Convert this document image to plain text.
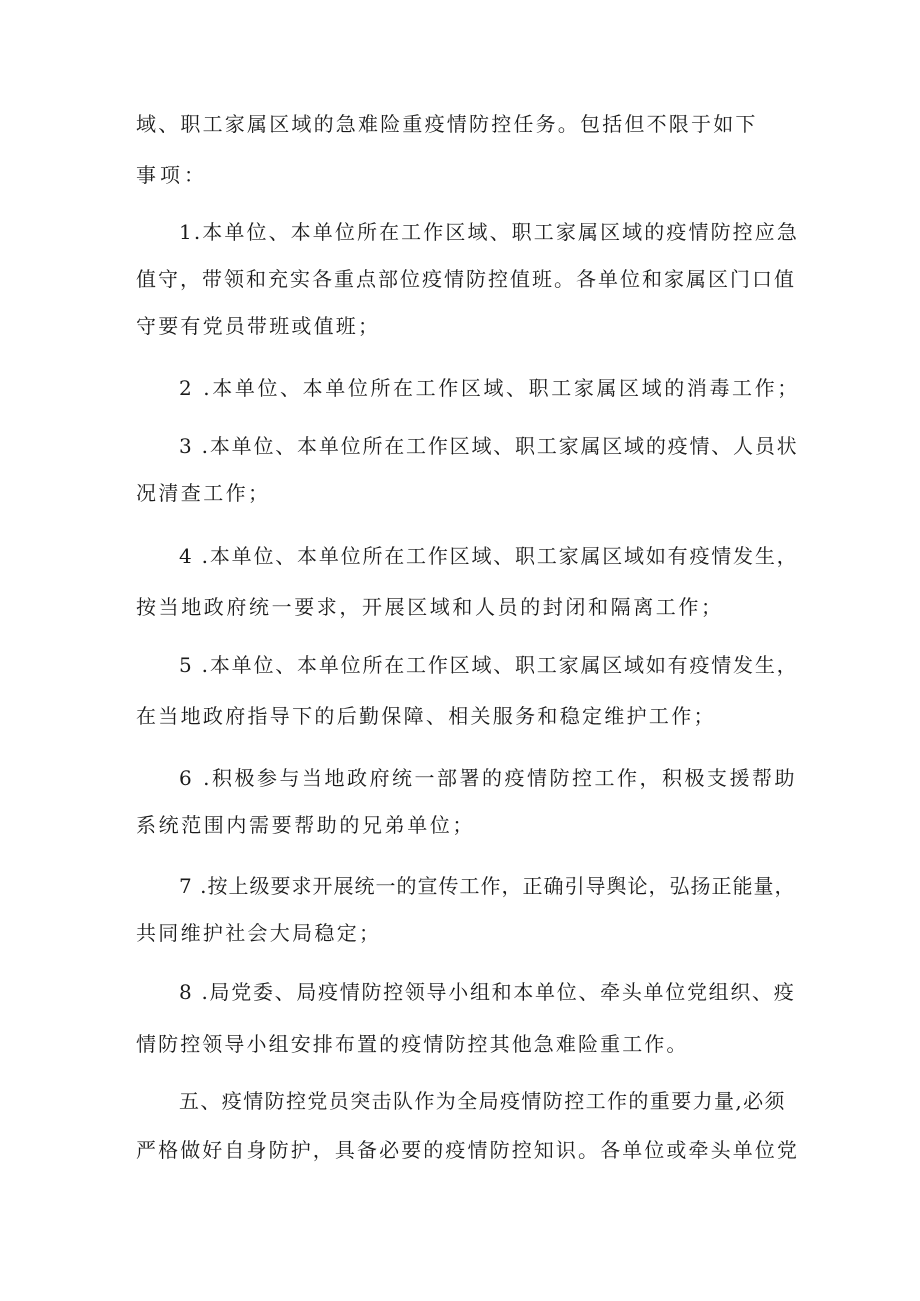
域、职工家属区域的急难险重疫情防控任务。包括但不限于如下
事项：
1.本单位、本单位所在工作区域、职工家属区域的疫情防控应急
值守，带领和充实各重点部位疫情防控值班。各单位和家属区门口值
守要有党员带班或值班；
2 .本单位、本单位所在工作区域、职工家属区域的消毒工作；
3 .本单位、本单位所在工作区域、职工家属区域的疫情、人员状
况清查工作；
4 .本单位、本单位所在工作区域、职工家属区域如有疫情发生，
按当地政府统一要求，开展区域和人员的封闭和隔离工作；
5 .本单位、本单位所在工作区域、职工家属区域如有疫情发生，
在当地政府指导下的后勤保障、相关服务和稳定维护工作；
6 .积极参与当地政府统一部署的疫情防控工作，积极支援帮助
系统范围内需要帮助的兄弟单位；
7 .按上级要求开展统一的宣传工作，正确引导舆论，弘扬正能量，
共同维护社会大局稳定；
8 .局党委、局疫情防控领导小组和本单位、牵头单位党组织、疫
情防控领导小组安排布置的疫情防控其他急难险重工作。
五、疫情防控党员突击队作为全局疫情防控工作的重要力量,必须
严格做好自身防护，具备必要的疫情防控知识。各单位或牵头单位党
